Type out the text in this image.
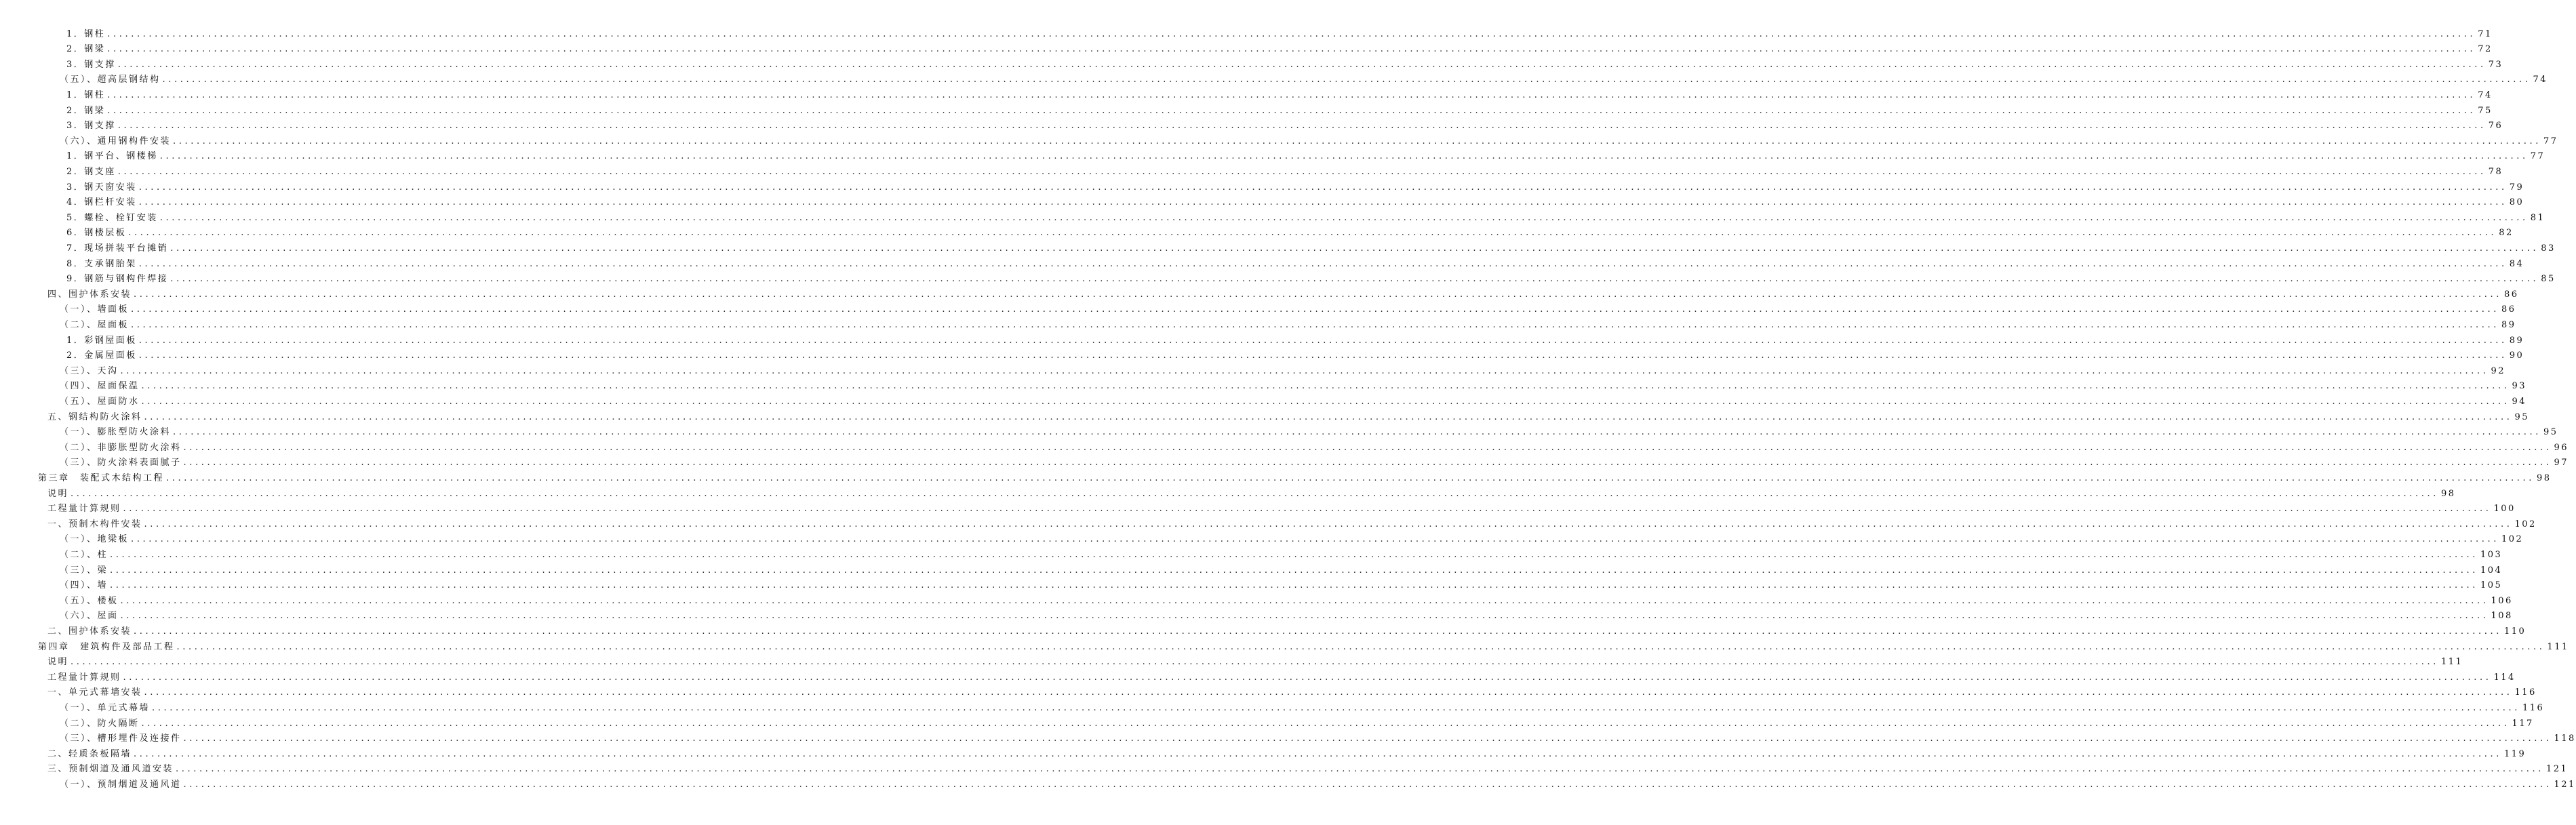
1．钢柱 ................................................................................................................................................................................................................................................................................................................................................................................................................ 71
2．钢梁 ................................................................................................................................................................................................................................................................................................................................................................................................................ 72
3．钢支撑 ................................................................................................................................................................................................................................................................................................................................................................................................................ 73
（五）、超高层钢结构 ................................................................................................................................................................................................................................................................................................................................................................................................................ 74
1．钢柱 ................................................................................................................................................................................................................................................................................................................................................................................................................ 74
2．钢梁 ................................................................................................................................................................................................................................................................................................................................................................................................................ 75
3．钢支撑 ................................................................................................................................................................................................................................................................................................................................................................................................................ 76
（六）、通用钢构件安装 ................................................................................................................................................................................................................................................................................................................................................................................................................ 77
1．钢平台、钢楼梯 ................................................................................................................................................................................................................................................................................................................................................................................................................ 77
2．钢支座 ................................................................................................................................................................................................................................................................................................................................................................................................................ 78
3．钢天窗安装 ................................................................................................................................................................................................................................................................................................................................................................................................................ 79
4．钢栏杆安装 ................................................................................................................................................................................................................................................................................................................................................................................................................ 80
5．螺栓、栓钉安装 ................................................................................................................................................................................................................................................................................................................................................................................................................ 81
6．钢楼层板 ................................................................................................................................................................................................................................................................................................................................................................................................................ 82
7．现场拼装平台摊销 ................................................................................................................................................................................................................................................................................................................................................................................................................ 83
8．支承钢胎架 ................................................................................................................................................................................................................................................................................................................................................................................................................ 84
9．钢筋与钢构件焊接 ................................................................................................................................................................................................................................................................................................................................................................................................................ 85
四、围护体系安装 ................................................................................................................................................................................................................................................................................................................................................................................................................ 86
（一）、墙面板 ................................................................................................................................................................................................................................................................................................................................................................................................................ 86
（二）、屋面板 ................................................................................................................................................................................................................................................................................................................................................................................................................ 89
1．彩钢屋面板 ................................................................................................................................................................................................................................................................................................................................................................................................................ 89
2．金属屋面板 ................................................................................................................................................................................................................................................................................................................................................................................................................ 90
（三）、天沟 ................................................................................................................................................................................................................................................................................................................................................................................................................ 92
（四）、屋面保温 ................................................................................................................................................................................................................................................................................................................................................................................................................ 93
（五）、屋面防水 ................................................................................................................................................................................................................................................................................................................................................................................................................ 94
五、钢结构防火涂料 ................................................................................................................................................................................................................................................................................................................................................................................................................ 95
（一）、膨胀型防火涂料 ................................................................................................................................................................................................................................................................................................................................................................................................................ 95
（二）、非膨胀型防火涂料 ................................................................................................................................................................................................................................................................................................................................................................................................................ 96
（三）、防火涂料表面腻子 ................................................................................................................................................................................................................................................................................................................................................................................................................ 97
第三章　装配式木结构工程 ................................................................................................................................................................................................................................................................................................................................................................................................................ 98
说明 ................................................................................................................................................................................................................................................................................................................................................................................................................ 98
工程量计算规则 ................................................................................................................................................................................................................................................................................................................................................................................................................ 100
一、预制木构件安装 ................................................................................................................................................................................................................................................................................................................................................................................................................ 102
（一）、地梁板 ................................................................................................................................................................................................................................................................................................................................................................................................................ 102
（二）、柱 ................................................................................................................................................................................................................................................................................................................................................................................................................ 103
（三）、梁 ................................................................................................................................................................................................................................................................................................................................................................................................................ 104
（四）、墙 ................................................................................................................................................................................................................................................................................................................................................................................................................ 105
（五）、楼板 ................................................................................................................................................................................................................................................................................................................................................................................................................ 106
（六）、屋面 ................................................................................................................................................................................................................................................................................................................................................................................................................ 108
二、围护体系安装 ................................................................................................................................................................................................................................................................................................................................................................................................................ 110
第四章　建筑构件及部品工程 ................................................................................................................................................................................................................................................................................................................................................................................................................ 111
说明 ................................................................................................................................................................................................................................................................................................................................................................................................................ 111
工程量计算规则 ................................................................................................................................................................................................................................................................................................................................................................................................................ 114
一、单元式幕墙安装 ................................................................................................................................................................................................................................................................................................................................................................................................................ 116
（一）、单元式幕墙 ................................................................................................................................................................................................................................................................................................................................................................................................................ 116
（二）、防火隔断 ................................................................................................................................................................................................................................................................................................................................................................................................................ 117
（三）、槽形埋件及连接件 ................................................................................................................................................................................................................................................................................................................................................................................................................ 118
二、轻质条板隔墙 ................................................................................................................................................................................................................................................................................................................................................................................................................ 119
三、预制烟道及通风道安装 ................................................................................................................................................................................................................................................................................................................................................................................................................ 121
（一）、预制烟道及通风道 ................................................................................................................................................................................................................................................................................................................................................................................................................ 121
